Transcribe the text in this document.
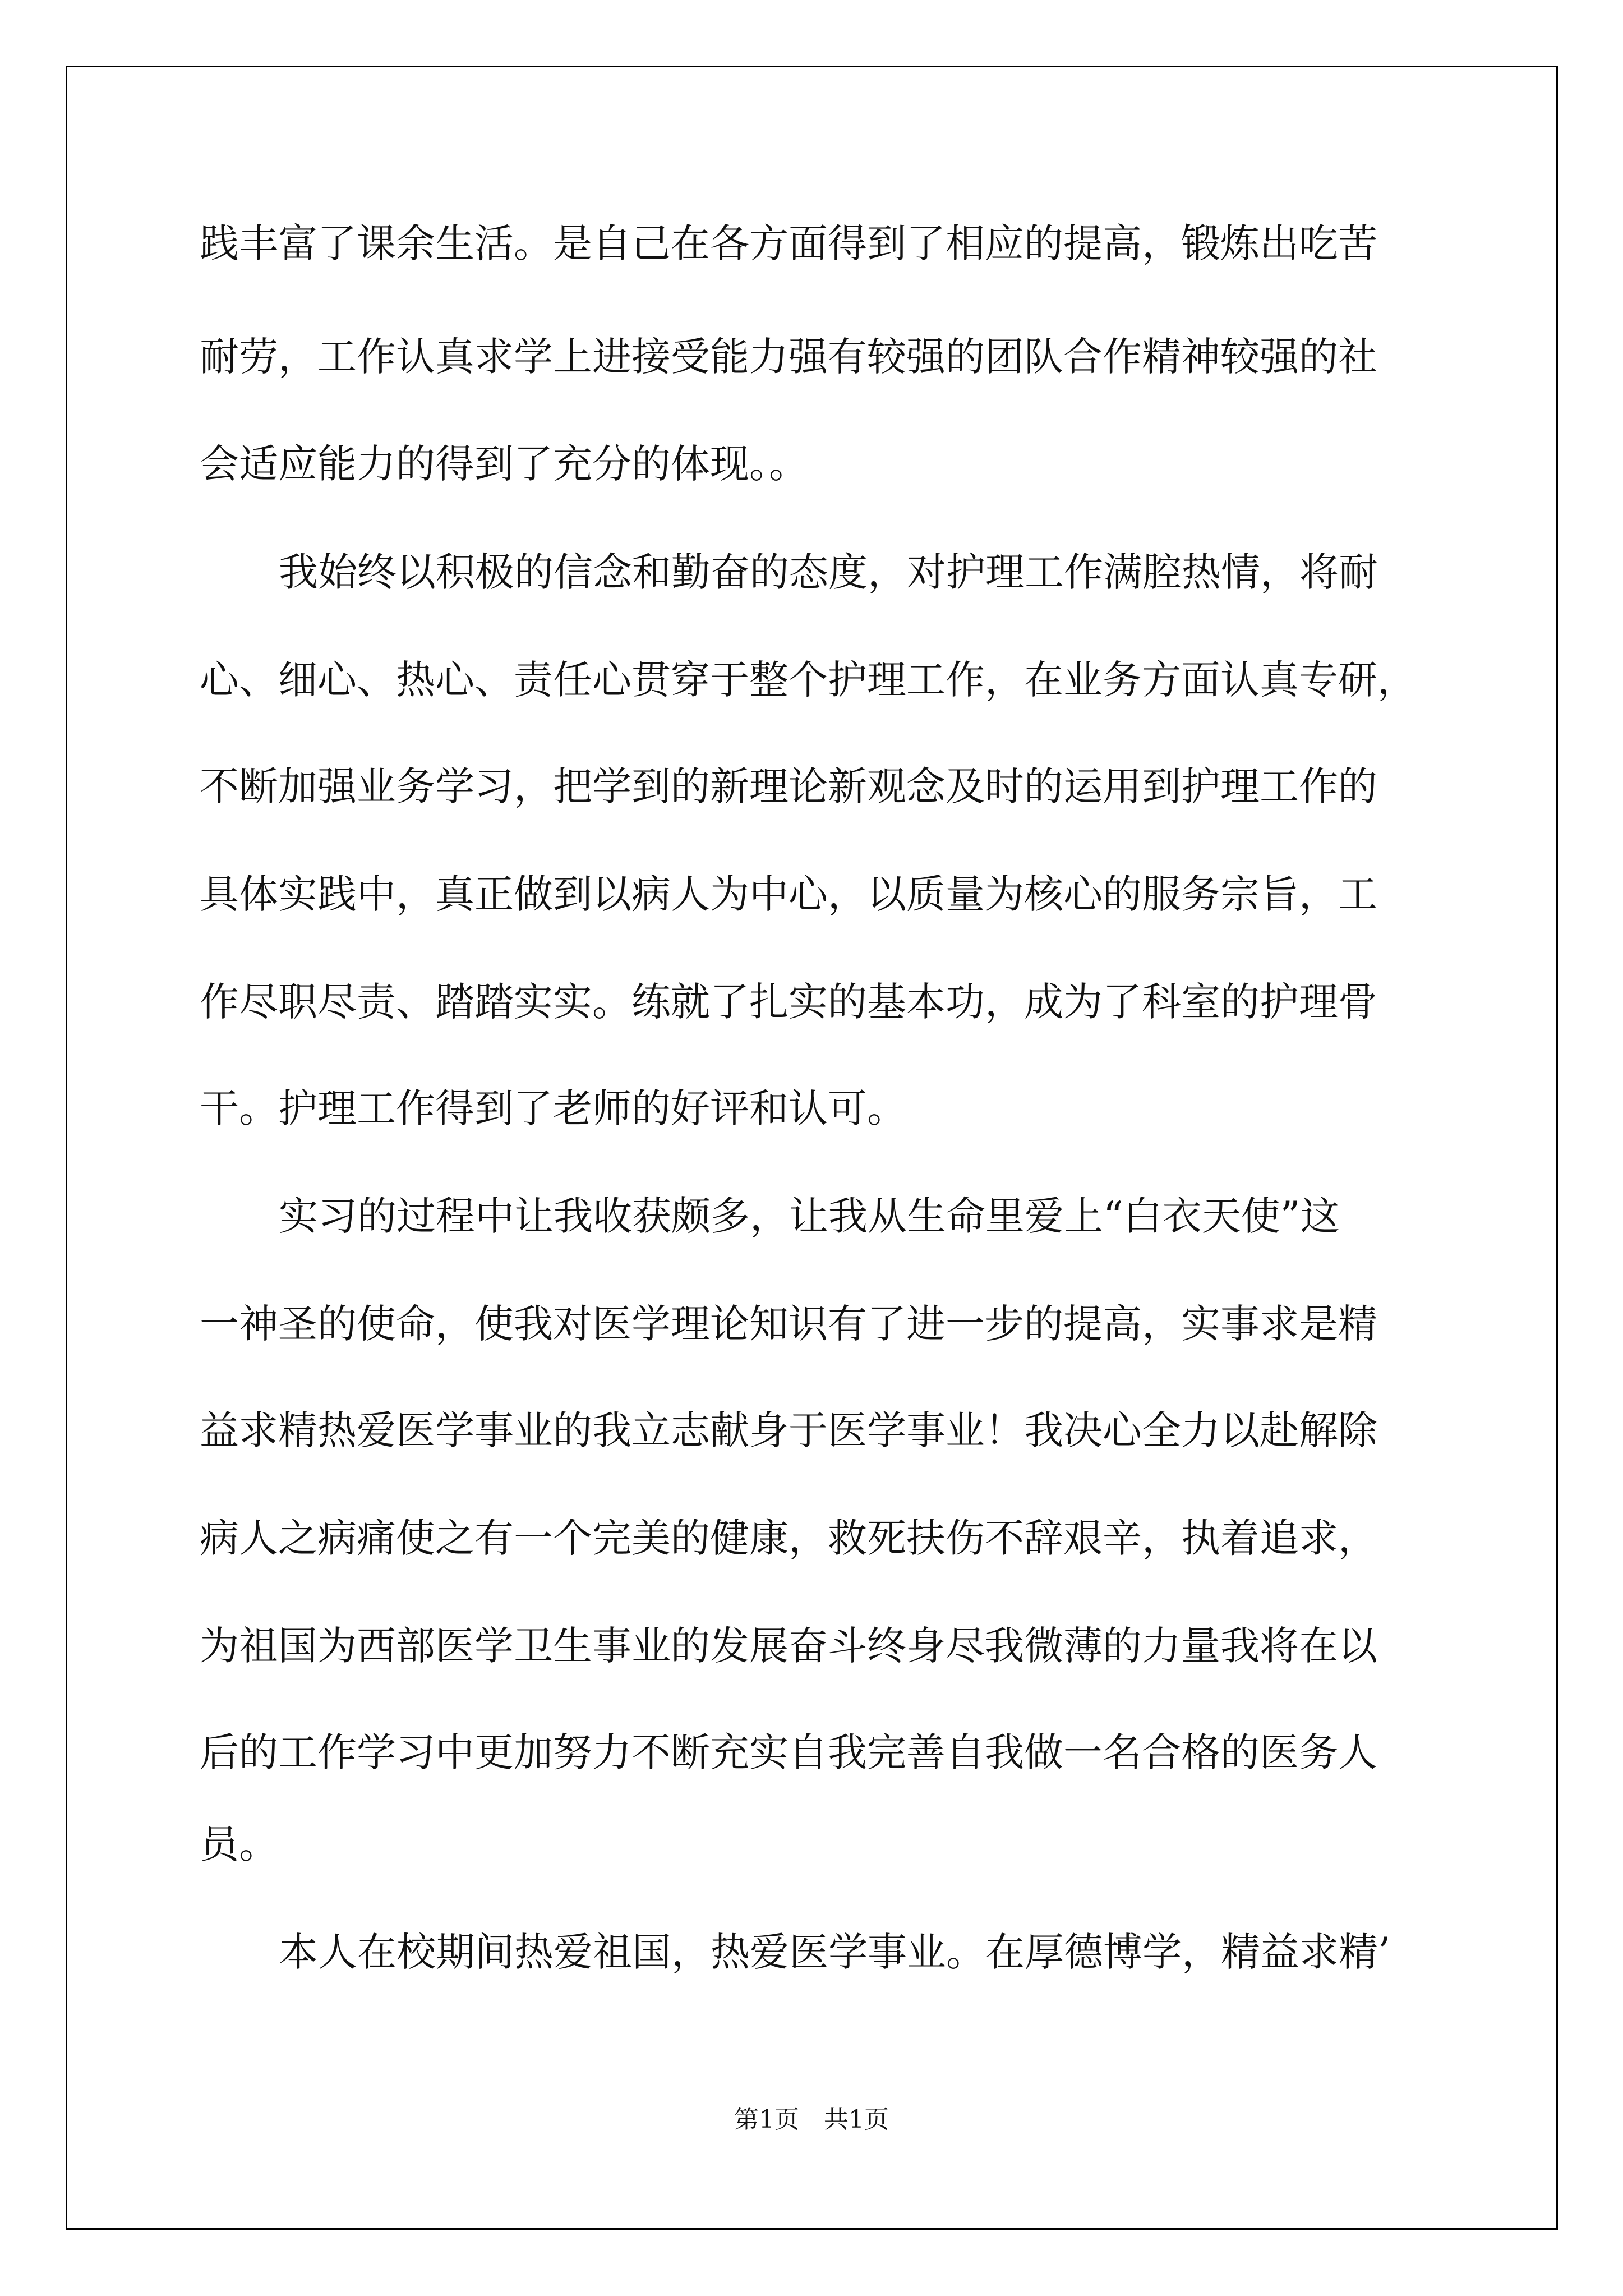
践丰富了课余生活。是自己在各方面得到了相应的提高，锻炼出吃苦
耐劳，工作认真求学上进接受能力强有较强的团队合作精神较强的社
会适应能力的得到了充分的体现。。
我始终以积极的信念和勤奋的态度，对护理工作满腔热情，将耐
心、细心、热心、责任心贯穿于整个护理工作，在业务方面认真专研，
不断加强业务学习，把学到的新理论新观念及时的运用到护理工作的
具体实践中，真正做到以病人为中心，以质量为核心的服务宗旨，工
作尽职尽责、踏踏实实。练就了扎实的基本功，成为了科室的护理骨
干。护理工作得到了老师的好评和认可。
实习的过程中让我收获颇多，让我从生命里爱上“白衣天使”这
一神圣的使命，使我对医学理论知识有了进一步的提高，实事求是精
益求精热爱医学事业的我立志献身于医学事业！我决心全力以赴解除
病人之病痛使之有一个完美的健康，救死扶伤不辞艰辛，执着追求，
为祖国为西部医学卫生事业的发展奋斗终身尽我微薄的力量我将在以
后的工作学习中更加努力不断充实自我完善自我做一名合格的医务人
员。
本人在校期间热爱祖国，热爱医学事业。在厚德博学，精益求精’
第1页　共1页
